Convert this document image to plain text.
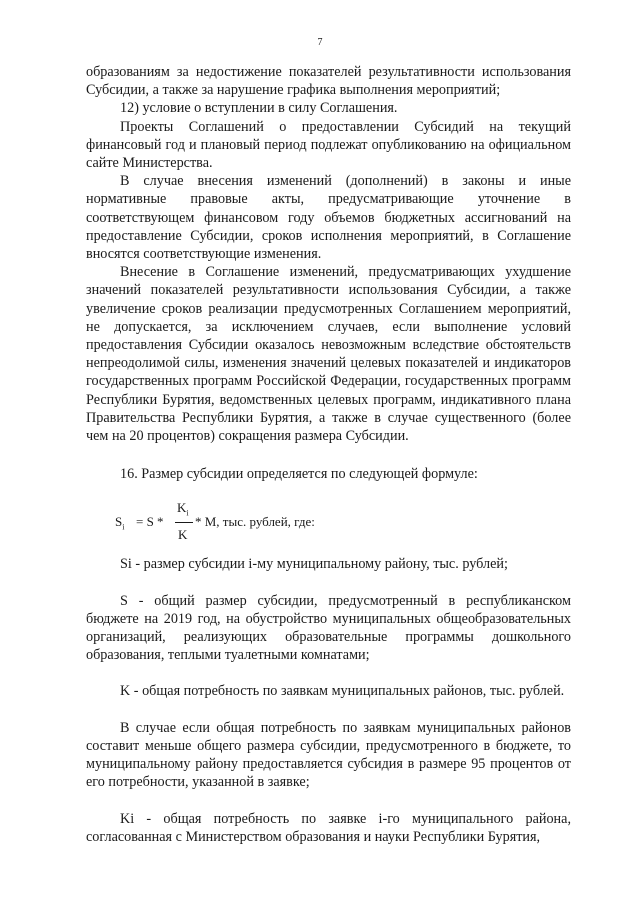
7

образованиям за недостижение показателей результативности использования Субсидии, а также за нарушение графика выполнения мероприятий;

12) условие о вступлении в силу Соглашения.

Проекты Соглашений о предоставлении Субсидий на текущий финансовый год и плановый период подлежат опубликованию на официальном сайте Министерства.

В случае внесения изменений (дополнений) в законы и иные нормативные правовые акты, предусматривающие уточнение в соответствующем финансовом году объемов бюджетных ассигнований на предоставление Субсидии, сроков исполнения мероприятий, в Соглашение вносятся соответствующие изменения.

Внесение в Соглашение изменений, предусматривающих ухудшение значений показателей результативности использования Субсидии, а также увеличение сроков реализации предусмотренных Соглашением мероприятий, не допускается, за исключением случаев, если выполнение условий предоставления Субсидии оказалось невозможным вследствие обстоятельств непреодолимой силы, изменения значений целевых показателей и индикаторов государственных программ Российской Федерации, государственных программ Республики Бурятия, ведомственных целевых программ, индикативного плана Правительства Республики Бурятия, а также в случае существенного (более чем на 20 процентов) сокращения размера Субсидии.

16. Размер субсидии определяется по следующей формуле:

$S_i = S$ *
$K_i$
K
* M, тыс. рублей, где:

Si - размер субсидии i-му муниципальному району, тыс. рублей;

S - общий размер субсидии, предусмотренный в республиканском бюджете на 2019 год, на обустройство муниципальных общеобразовательных организаций, реализующих образовательные программы дошкольного образования, теплыми туалетными комнатами;

K - общая потребность по заявкам муниципальных районов, тыс. рублей.

В случае если общая потребность по заявкам муниципальных районов составит меньше общего размера субсидии, предусмотренного в бюджете, то муниципальному району предоставляется субсидия в размере 95 процентов от его потребности, указанной в заявке;

Ki - общая потребность по заявке i-го муниципального района, согласованная с Министерством образования и науки Республики Бурятия,
